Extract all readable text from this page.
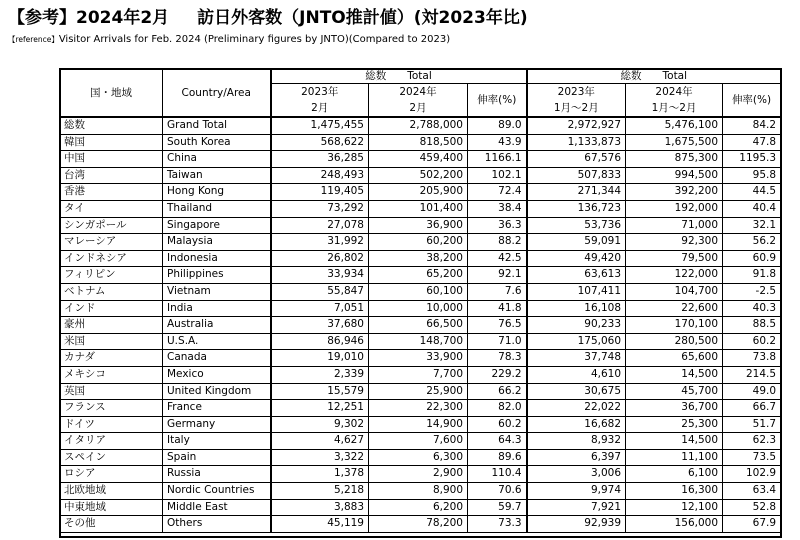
【参考】2024年2月 訪日外客数（JNTO推計値）(対2023年比)
【reference】Visitor Arrivals for Feb. 2024 (Preliminary figures by JNTO)(Compared to 2023)
国・地域	Country/Area	総数　　Total			総数　　Total		
		2023年	2024年	伸率(%)	2023年	2024年	伸率(%)
		2月	2月		1月～2月	1月～2月	
総数	Grand Total	1,475,455	2,788,000	89.0	2,972,927	5,476,100	84.2
韓国	South Korea	568,622	818,500	43.9	1,133,873	1,675,500	47.8
中国	China	36,285	459,400	1166.1	67,576	875,300	1195.3
台湾	Taiwan	248,493	502,200	102.1	507,833	994,500	95.8
香港	Hong Kong	119,405	205,900	72.4	271,344	392,200	44.5
タイ	Thailand	73,292	101,400	38.4	136,723	192,000	40.4
シンガポール	Singapore	27,078	36,900	36.3	53,736	71,000	32.1
マレーシア	Malaysia	31,992	60,200	88.2	59,091	92,300	56.2
インドネシア	Indonesia	26,802	38,200	42.5	49,420	79,500	60.9
フィリピン	Philippines	33,934	65,200	92.1	63,613	122,000	91.8
ベトナム	Vietnam	55,847	60,100	7.6	107,411	104,700	-2.5
インド	India	7,051	10,000	41.8	16,108	22,600	40.3
豪州	Australia	37,680	66,500	76.5	90,233	170,100	88.5
米国	U.S.A.	86,946	148,700	71.0	175,060	280,500	60.2
カナダ	Canada	19,010	33,900	78.3	37,748	65,600	73.8
メキシコ	Mexico	2,339	7,700	229.2	4,610	14,500	214.5
英国	United Kingdom	15,579	25,900	66.2	30,675	45,700	49.0
フランス	France	12,251	22,300	82.0	22,022	36,700	66.7
ドイツ	Germany	9,302	14,900	60.2	16,682	25,300	51.7
イタリア	Italy	4,627	7,600	64.3	8,932	14,500	62.3
スペイン	Spain	3,322	6,300	89.6	6,397	11,100	73.5
ロシア	Russia	1,378	2,900	110.4	3,006	6,100	102.9
北欧地域	Nordic Countries	5,218	8,900	70.6	9,974	16,300	63.4
中東地域	Middle East	3,883	6,200	59.7	7,921	12,100	52.8
その他	Others	45,119	78,200	73.3	92,939	156,000	67.9
